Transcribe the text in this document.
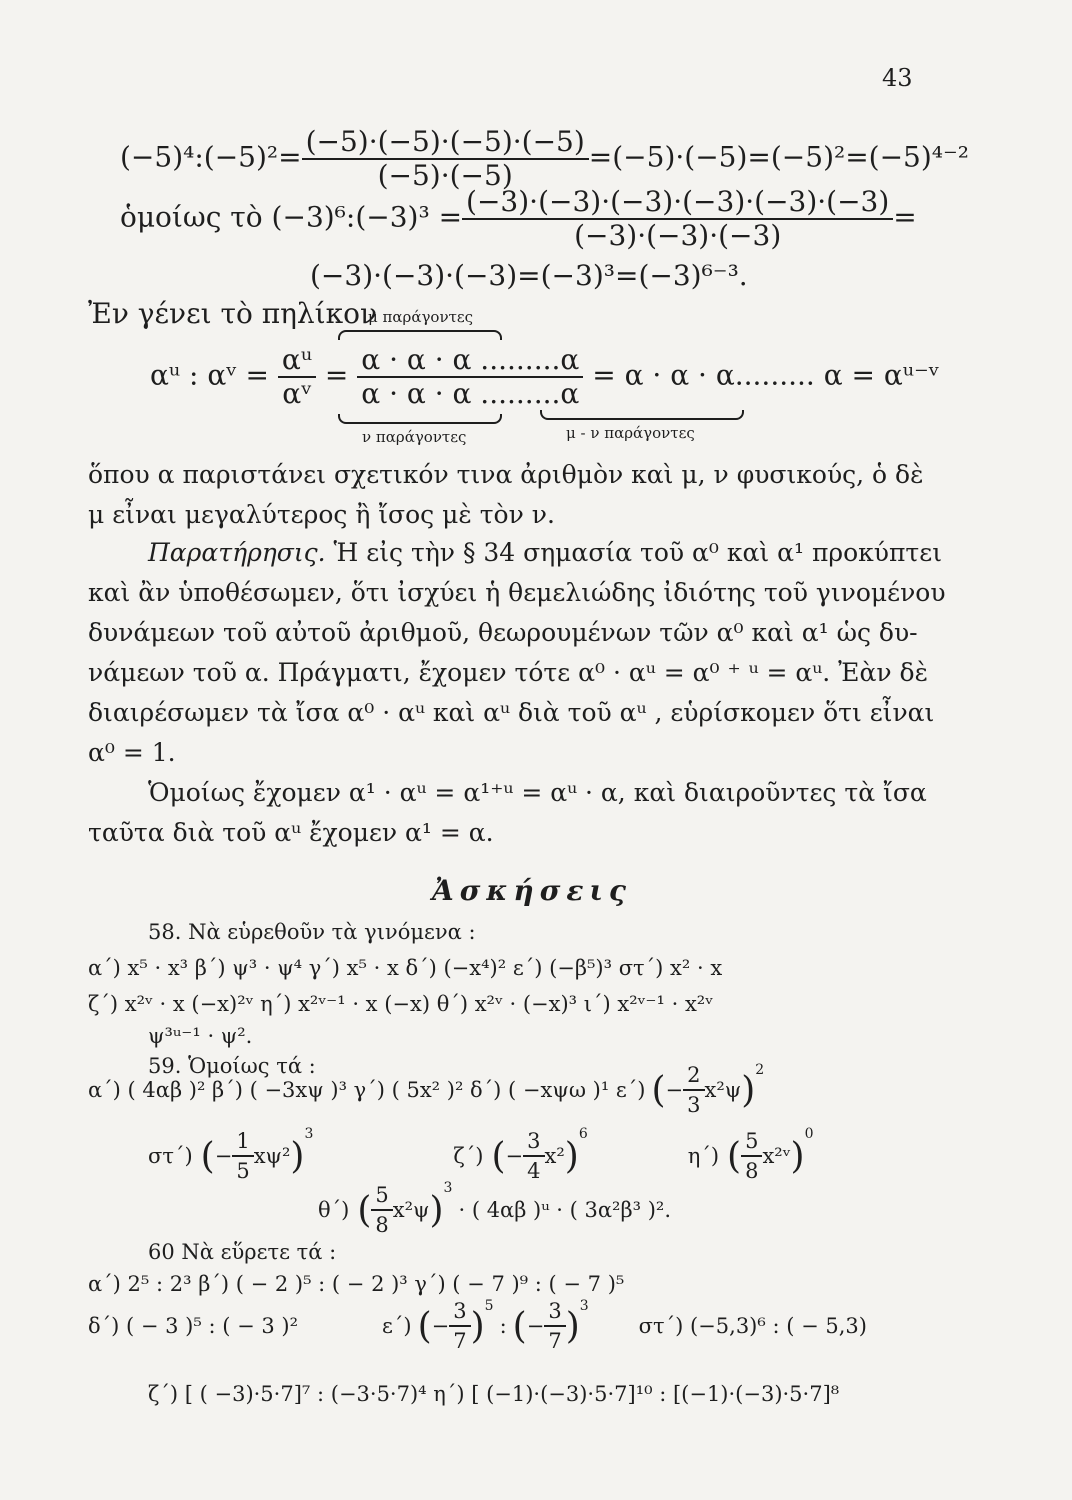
43
(−5)⁴:(−5)²= $\frac{(-5)\cdot(-5)\cdot(-5)\cdot(-5)}{(-5)\cdot(-5)} =(-5)\cdot(-5)=(-5)^2=(-5)^{4-2}$
ὁμοίως τὸ (−3)⁶:(−3)³ = $\frac{(-3)\cdot(-3)\cdot(-3)\cdot(-3)\cdot(-3)\cdot(-3)}{(-3)\cdot(-3)\cdot(-3)}$ =
(−3)·(−3)·(−3)=(−3)³=(−3)⁶⁻³.
Ἐν γένει τὸ πηλίκον
μ παράγοντες
αᵘ : αᵛ = $\frac{\text{αᵘ}}{\text{αᵛ}} = \frac{\alpha \cdot \alpha \cdot \alpha .........\alpha}{\alpha \cdot \alpha \cdot \alpha .........\alpha} = \alpha \cdot \alpha \cdot \alpha$......... α = αᵘ⁻ᵛ
ν παράγοντες	μ - ν παράγοντες
ὅπου α παριστάνει σχετικόν τινα ἀριθμὸν καὶ μ, ν φυσικούς, ὁ δὲ
μ εἶναι μεγαλύτερος ἢ ἴσος μὲ τὸν ν.
Παρατήρησις. Ἡ εἰς τὴν § 34 σημασία τοῦ α⁰ καὶ α¹ προκύπτει
καὶ ἂν ὑποθέσωμεν, ὅτι ἰσχύει ἡ θεμελιώδης ἰδιότης τοῦ γινομένου
δυνάμεων τοῦ αὐτοῦ ἀριθμοῦ, θεωρουμένων τῶν α⁰ καὶ α¹ ὡς δυ-
νάμεων τοῦ α. Πράγματι, ἔχομεν τότε α⁰ · αᵘ = α⁰ ⁺ ᵘ = αᵘ. Ἐὰν δὲ
διαιρέσωμεν τὰ ἴσα α⁰ · αᵘ καὶ αᵘ διὰ τοῦ αᵘ , εὑρίσκομεν ὅτι εἶναι
α⁰ = 1.
Ὁμοίως ἔχομεν α¹ · αᵘ = α¹⁺ᵘ = αᵘ · α, καὶ διαιροῦντες τὰ ἴσα
ταῦτα διὰ τοῦ αᵘ ἔχομεν α¹ = α.
Ἀσκήσεις
58. Νὰ εὑρεθοῦν τὰ γινόμενα :
α΄) x⁵ · x³ β΄) ψ³ · ψ⁴ γ΄) x⁵ · x δ΄) (−x⁴)² ε΄) (−β⁵)³ στ΄) x² · x
ζ΄) x²ᵛ · x (−x)²ᵛ η΄) x²ᵛ⁻¹ · x (−x) θ΄) x²ᵛ · (−x)³ ι΄) x²ᵛ⁻¹ · x²ᵛ
ψ³ᵘ⁻¹ · ψ².
59. Ὁμοίως τά :
α΄) ( 4αβ )² β΄) ( −3xψ )³ γ΄) ( 5x² )² δ΄) ( −xψω )¹ ε΄) ( − $\frac{2}{3} x^2\psi$ ) 2
στ΄) ( − $\frac{1}{5} x\psi^2$ )
3
ζ΄) ( − $\frac{3}{4} x^2$ )
6
η΄) ( $\frac{5}{8}$ x²ᵛ )
0
θ΄) ( $\frac{5}{8} x^2\psi$ )
3
· ( 4αβ )ᵘ · ( 3α²β³ )².
60 Νὰ εὕρετε τά :
α΄) 2⁵ : 2³ β΄) ( − 2 )⁵ : ( − 2 )³ γ΄) ( − 7 )⁹ : ( − 7 )⁵
δ΄) ( − 3 )⁵ : ( − 3 )²	ε΄) ( − $\frac{3}{7}$ ) 5
: ( − $\frac{3}{7}$ ) 3
στ΄) (−5,3)⁶ : ( − 5,3)
ζ΄) [ ( −3)·5·7]⁷ : (−3·5·7)⁴ η΄) [ (−1)·(−3)·5·7]¹⁰ : [(−1)·(−3)·5·7]⁸
